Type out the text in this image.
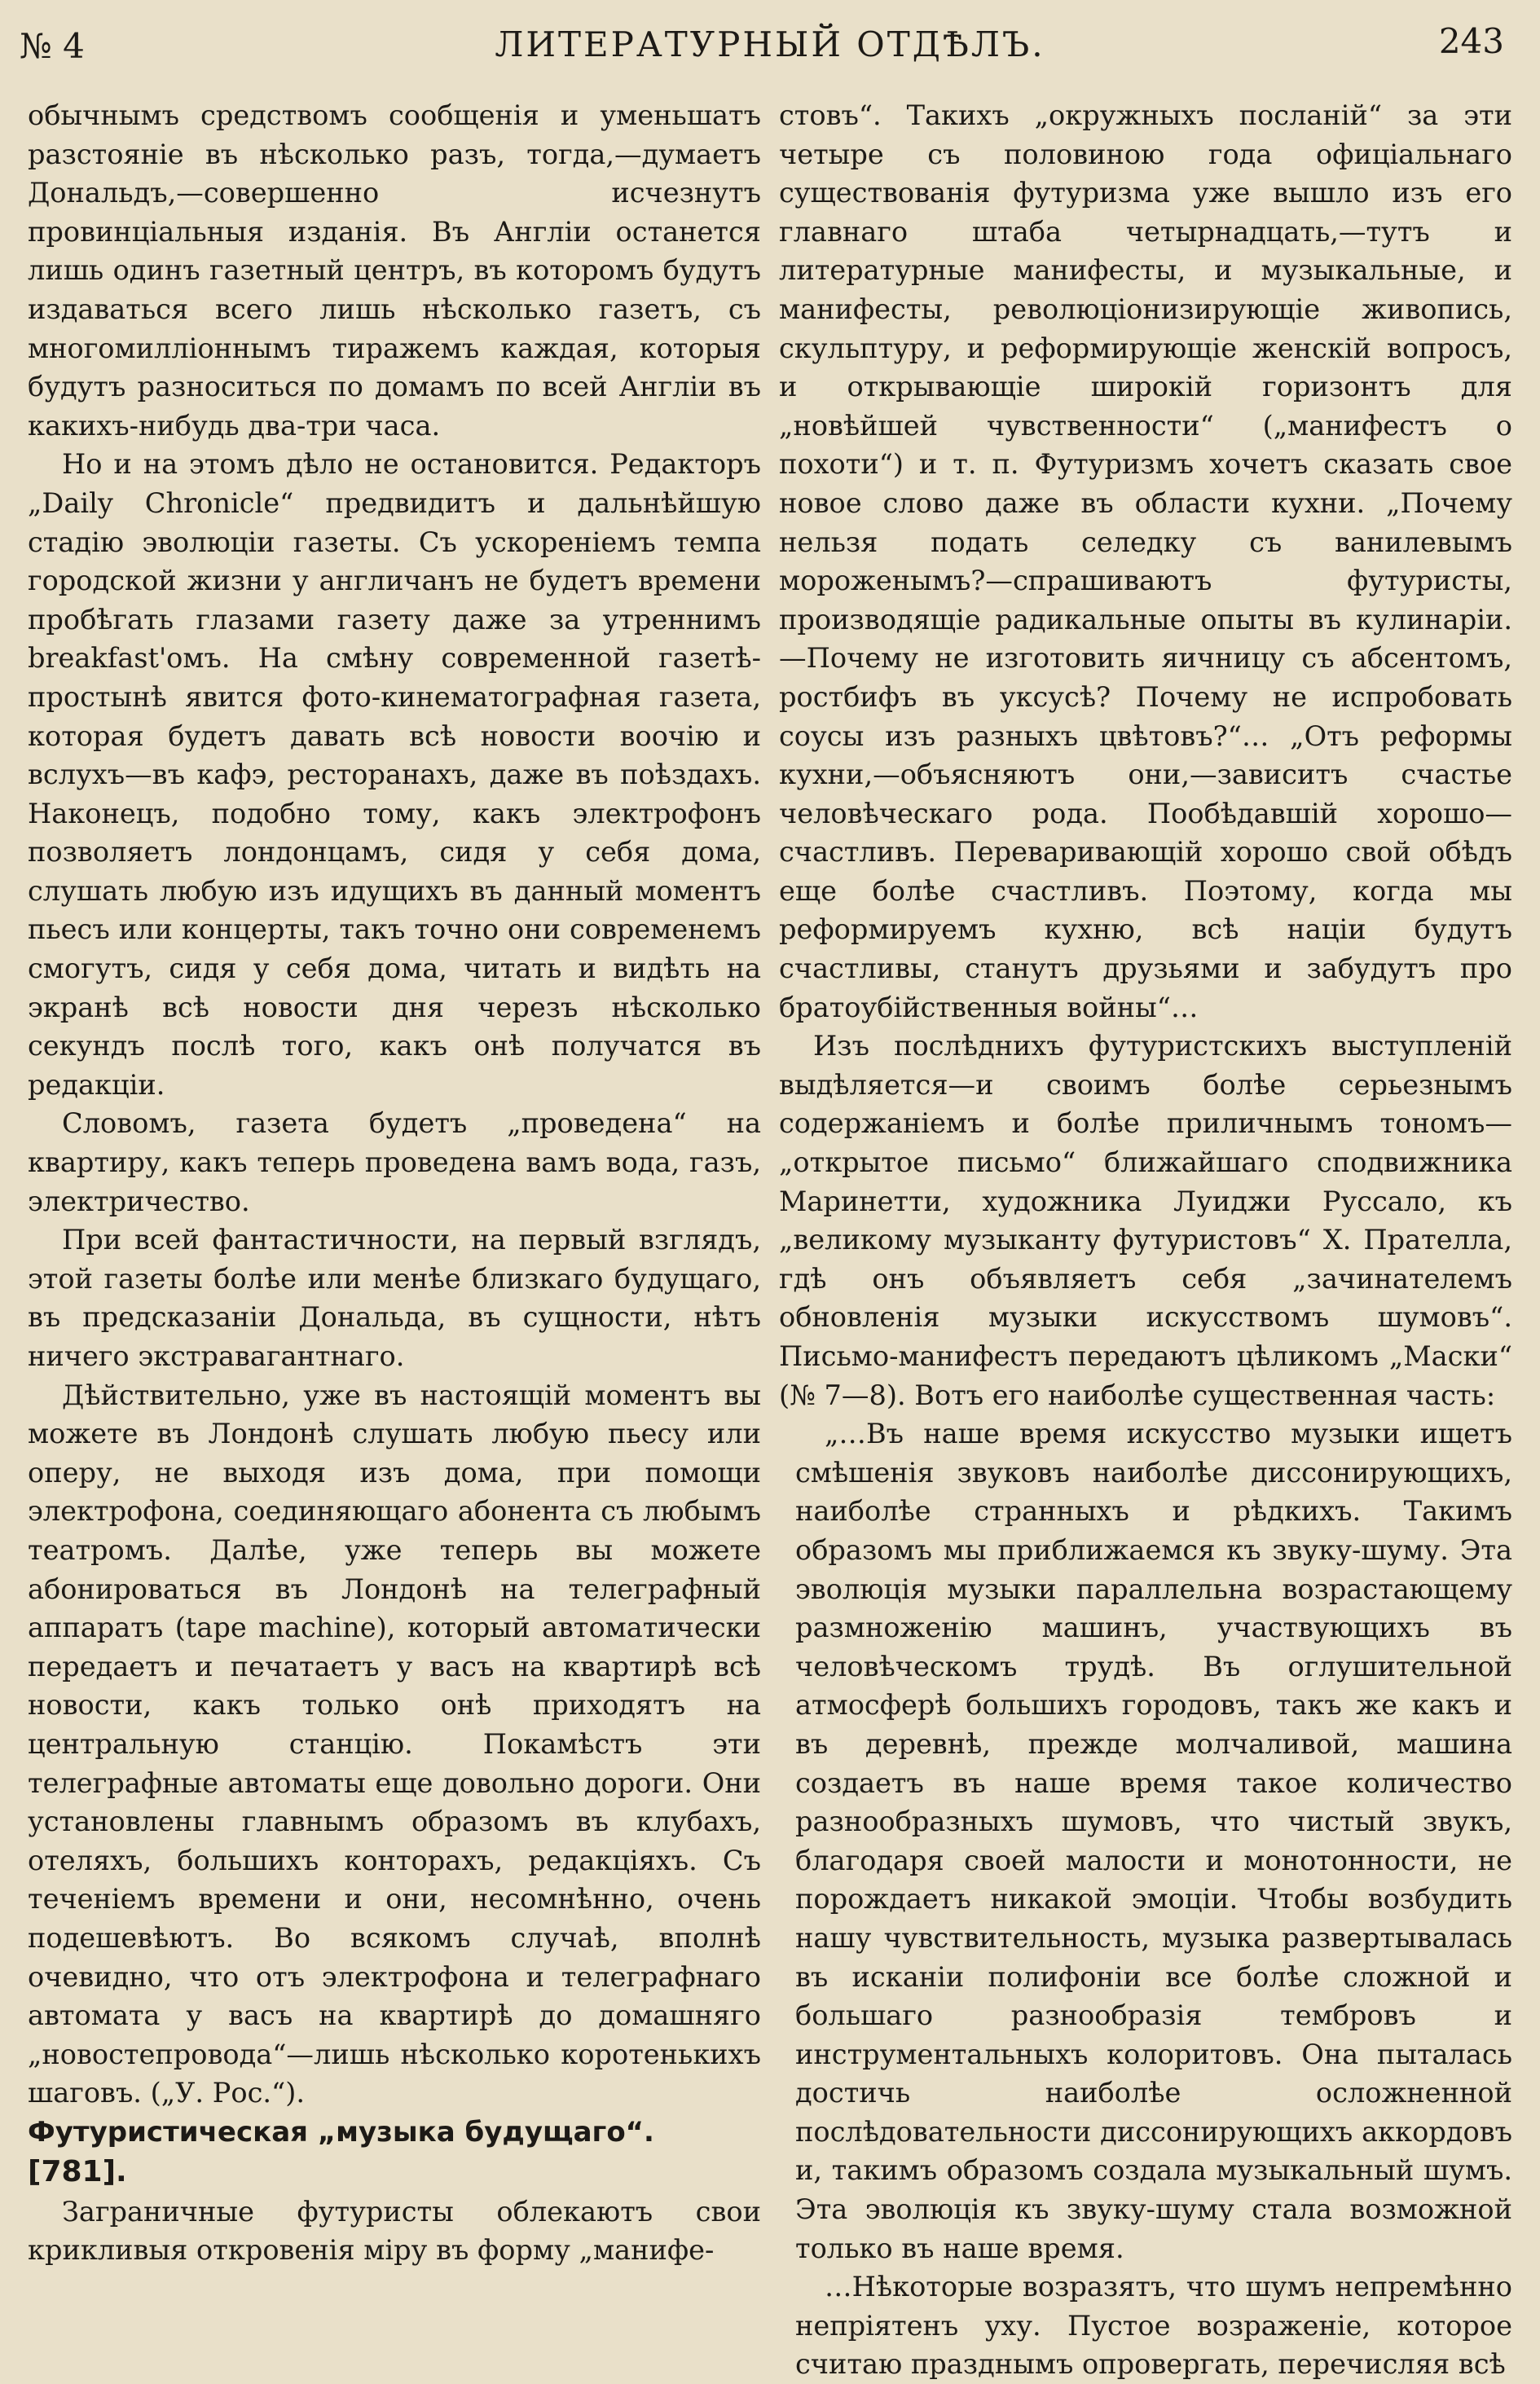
№ 4	ЛИТЕРАТУРНЫЙ ОТДѢЛЪ.	243

обычнымъ средствомъ сообщенія и уменьшатъ разстояніе въ нѣсколько разъ, тогда,—думаетъ Дональдъ,—совершенно исчезнутъ провинціальныя изданія. Въ Англіи останется лишь одинъ газетный центръ, въ которомъ будутъ издаваться всего лишь нѣсколько газетъ, съ многомилліоннымъ тиражемъ каждая, которыя будутъ разноситься по домамъ по всей Англіи въ какихъ-нибудь два-три часа.

Но и на этомъ дѣло не остановится. Редакторъ „Daily Chronicle“ предвидитъ и дальнѣйшую стадію эволюціи газеты. Съ ускореніемъ темпа городской жизни у англичанъ не будетъ времени пробѣгать глазами газету даже за утреннимъ breakfast'омъ. На смѣну современной газетѣ-простынѣ явится фото-кинематографная газета, которая будетъ давать всѣ новости воочію и вслухъ—въ кафэ, ресторанахъ, даже въ поѣздахъ. Наконецъ, подобно тому, какъ электрофонъ позволяетъ лондонцамъ, сидя у себя дома, слушать любую изъ идущихъ въ данный моментъ пьесъ или концерты, такъ точно они современемъ смогутъ, сидя у себя дома, читать и видѣть на экранѣ всѣ новости дня черезъ нѣсколько секундъ послѣ того, какъ онѣ получатся въ редакціи.

Словомъ, газета будетъ „проведена“ на квартиру, какъ теперь проведена вамъ вода, газъ, электричество.

При всей фантастичности, на первый взглядъ, этой газеты болѣе или менѣе близкаго будущаго, въ предсказаніи Дональда, въ сущности, нѣтъ ничего экстравагантнаго.

Дѣйствительно, уже въ настоящій моментъ вы можете въ Лондонѣ слушать любую пьесу или оперу, не выходя изъ дома, при помощи электрофона, соединяющаго абонента съ любымъ театромъ. Далѣе, уже теперь вы можете абонироваться въ Лондонѣ на телеграфный аппаратъ (tape machine), который автоматически передаетъ и печатаетъ у васъ на квартирѣ всѣ новости, какъ только онѣ приходятъ на центральную станцію. Покамѣстъ эти телеграфные автоматы еще довольно дороги. Они установлены главнымъ образомъ въ клубахъ, отеляхъ, большихъ конторахъ, редакціяхъ. Съ теченіемъ времени и они, несомнѣнно, очень подешевѣютъ. Во всякомъ случаѣ, вполнѣ очевидно, что отъ электрофона и телеграфнаго автомата у васъ на квартирѣ до домашняго „новостепровода“—лишь нѣсколько коротенькихъ шаговъ. („У. Рос.“).

Футуристическая „музыка будущаго“.

[781].

Заграничные футуристы облекаютъ свои крикливыя откровенія міру въ форму „манифе-

стовъ“. Такихъ „окружныхъ посланій“ за эти четыре съ половиною года офиціальнаго существованія футуризма уже вышло изъ его главнаго штаба четырнадцать,—тутъ и литературные манифесты, и музыкальные, и манифесты, революціонизирующіе живопись, скульптуру, и реформирующіе женскій вопросъ, и открывающіе широкій горизонтъ для „новѣйшей чувственности“ („манифестъ о похоти“) и т. п. Футуризмъ хочетъ сказать свое новое слово даже въ области кухни. „Почему нельзя подать селедку съ ванилевымъ мороженымъ?—спрашиваютъ футуристы, производящіе радикальные опыты въ кулинаріи.—Почему не изготовить яичницу съ абсентомъ, ростбифъ въ уксусѣ? Почему не испробовать соусы изъ разныхъ цвѣтовъ?“… „Отъ реформы кухни,—объясняютъ они,—зависитъ счастье человѣческаго рода. Пообѣдавшій хорошо—счастливъ. Переваривающій хорошо свой обѣдъ еще болѣе счастливъ. Поэтому, когда мы реформируемъ кухню, всѣ націи будутъ счастливы, станутъ друзьями и забудутъ про братоубійственныя войны“…

Изъ послѣднихъ футуристскихъ выступленій выдѣляется—и своимъ болѣе серьезнымъ содержаніемъ и болѣе приличнымъ тономъ—„открытое письмо“ ближайшаго сподвижника Маринетти, художника Луиджи Руссало, къ „великому музыканту футуристовъ“ Х. Пpaтелла, гдѣ онъ объявляетъ себя „зачинателемъ обновленія музыки искусствомъ шумовъ“. Письмо-манифестъ передаютъ цѣликомъ „Маски“ (№ 7—8). Вотъ его наиболѣе существенная часть:

„…Въ наше время искусство музыки ищетъ смѣшенія звуковъ наиболѣе диссонирующихъ, наиболѣе странныхъ и рѣдкихъ. Такимъ образомъ мы приближаемся къ звуку-шуму. Эта эволюція музыки параллельна возрастающему размноженію машинъ, участвующихъ въ человѣческомъ трудѣ. Въ оглушительной атмосферѣ большихъ городовъ, такъ же какъ и въ деревнѣ, прежде молчаливой, машина создаетъ въ наше время такое количество разнообразныхъ шумовъ, что чистый звукъ, благодаря своей малости и монотонности, не порождаетъ никакой эмоціи. Чтобы возбудить нашу чувствительность, музыка развертывалась въ исканіи полифоніи все болѣе сложной и большаго разнообразія тембровъ и инструментальныхъ колоритовъ. Она пыталась достичь наиболѣе осложненной послѣдовательности диссонирующихъ аккордовъ и, такимъ образомъ создала музыкальный шумъ. Эта эволюція къ звуку-шуму стала возможной только въ наше время.

…Нѣкоторые возразятъ, что шумъ непремѣнно непріятенъ уху. Пустое возраженіе, которое считаю празднымъ опровергать, перечисляя всѣ
